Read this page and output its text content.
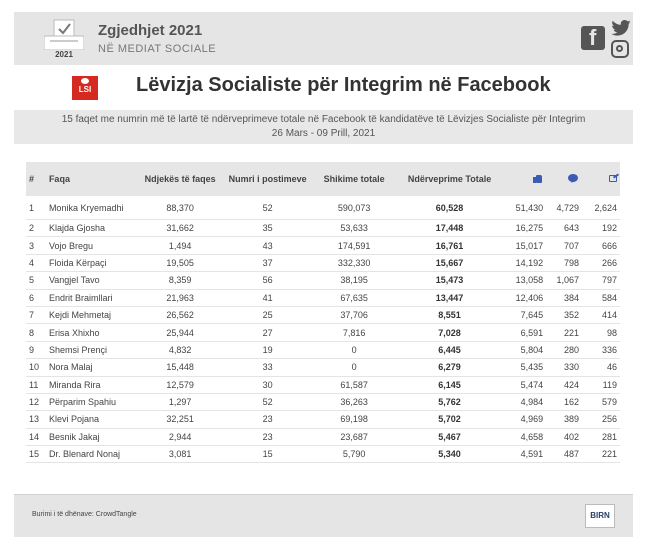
2021
Zgjedhjet 2021
NË MEDIAT SOCIALE
f
LSI	Lëvizja Socialiste për Integrim në Facebook
15 faqet me numrin më të lartë të ndërveprimeve totale në Facebook të kandidatëve të Lëvizjes Socialiste për Integrim
26 Mars - 09 Prill, 2021
#	Faqa	Ndjekës të faqes	Numri i postimeve	Shikime totale	Ndërveprime Totale			
1	Monika Kryemadhi	88,370	52	590,073	60,528	51,430	4,729	2,624
2	Klajda Gjosha	31,662	35	53,633	17,448	16,275	643	192
3	Vojo Bregu	1,494	43	174,591	16,761	15,017	707	666
4	Floida Kërpaçi	19,505	37	332,330	15,667	14,192	798	266
5	Vangjel Tavo	8,359	56	38,195	15,473	13,058	1,067	797
6	Endrit Braimllari	21,963	41	67,635	13,447	12,406	384	584
7	Kejdi Mehmetaj	26,562	25	37,706	8,551	7,645	352	414
8	Erisa Xhixho	25,944	27	7,816	7,028	6,591	221	98
9	Shemsi Prençi	4,832	19	0	6,445	5,804	280	336
10	Nora Malaj	15,448	33	0	6,279	5,435	330	46
11	Miranda Rira	12,579	30	61,587	6,145	5,474	424	119
12	Përparim Spahiu	1,297	52	36,263	5,762	4,984	162	579
13	Klevi Pojana	32,251	23	69,198	5,702	4,969	389	256
14	Besnik Jakaj	2,944	23	23,687	5,467	4,658	402	281
15	Dr. Blenard Nonaj	3,081	15	5,790	5,340	4,591	487	221
Burimi i të dhënave: CrowdTangle	BIRN
